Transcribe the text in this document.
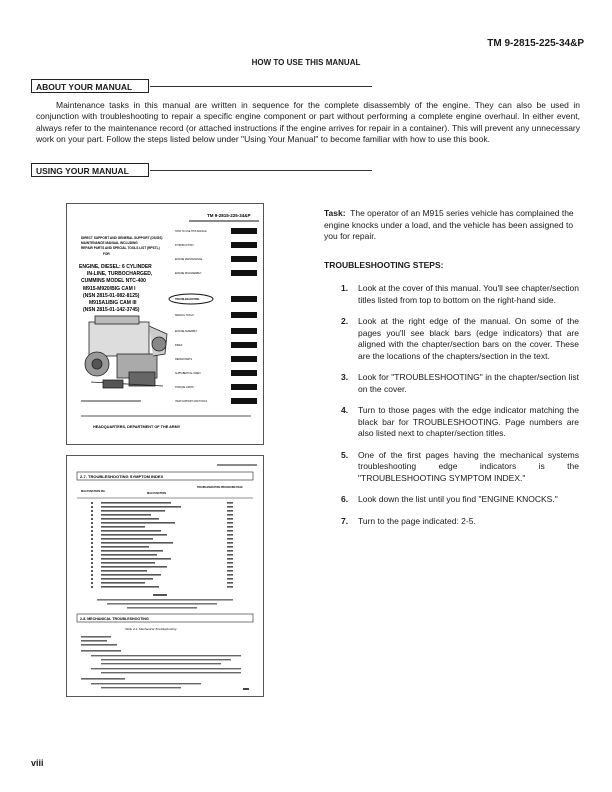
TM 9-2815-225-34&P
HOW TO USE THIS MANUAL
ABOUT YOUR MANUAL
Maintenance tasks in this manual are written in sequence for the complete disassembly of the engine. They can also be used in conjunction with troubleshooting to repair a specific engine component or part without performing a complete engine overhaul. In either event, always refer to the maintenance record (or attached instructions if the engine arrives for repair in a container). This will prevent any unnecessary work on your part. Follow the steps listed below under "Using Your Manual" to become familiar with how to use this book.
USING YOUR MANUAL
TM 9-2815-225-34&P
DIRECT SUPPORT AND GENERAL SUPPORT (DS/GS)
MAINTENANCE MANUAL INCLUDING
REPAIR PARTS AND SPECIAL TOOLS LIST (RPSTL)
FOR
ENGINE, DIESEL: 6 CYLINDER
IN-LINE, TURBOCHARGED,
CUMMINS MODEL NTC-400
M915-M920/BIG CAM I
(NSN 2815-01-082-8125)
M915A1/BIG CAM III
(NSN 2815-01-142-3745)
HEADQUARTERS, DEPARTMENT OF THE ARMY
HOW TO USE THIS MANUAL
INTRODUCTION
ENGINE MAINTENANCE
ENGINE DISASSEMBLY
TROUBLESHOOTING
SPECIAL TOOLS
ENGINE ASSEMBLY
INDEX
REPAIR PARTS
ALPHABETICAL INDEX
TORQUE LIMITS
ITEM SUPPORT AND TOOLS
2-7. TROUBLESHOOTING SYMPTOM INDEX
MALFUNCTION NO.
MALFUNCTION
TROUBLESHOOTING PROCEDURE PAGE
2-8. MECHANICAL TROUBLESHOOTING
Table 2-1. Mechanical Troubleshooting
Task: The operator of an M915 series vehicle has complained the engine knocks under a load, and the vehicle has been assigned to you for repair.
TROUBLESHOOTING STEPS:
1. Look at the cover of this manual. You'll see chapter/section titles listed from top to bottom on the right-hand side.
2. Look at the right edge of the manual. On some of the pages you'll see black bars (edge indicators) that are aligned with the chapter/section bars on the cover. These are the locations of the chapters/section in the text.
3. Look for "TROUBLESHOOTING" in the chapter/section list on the cover.
4. Turn to those pages with the edge indicator matching the black bar for TROUBLESHOOTING. Page numbers are also listed next to chapter/section titles.
5. One of the first pages having the mechanical systems troubleshooting edge indicators is the "TROUBLESHOOTING SYMPTOM INDEX."
6. Look down the list until you find "ENGINE KNOCKS."
7. Turn to the page indicated: 2-5.
viii
